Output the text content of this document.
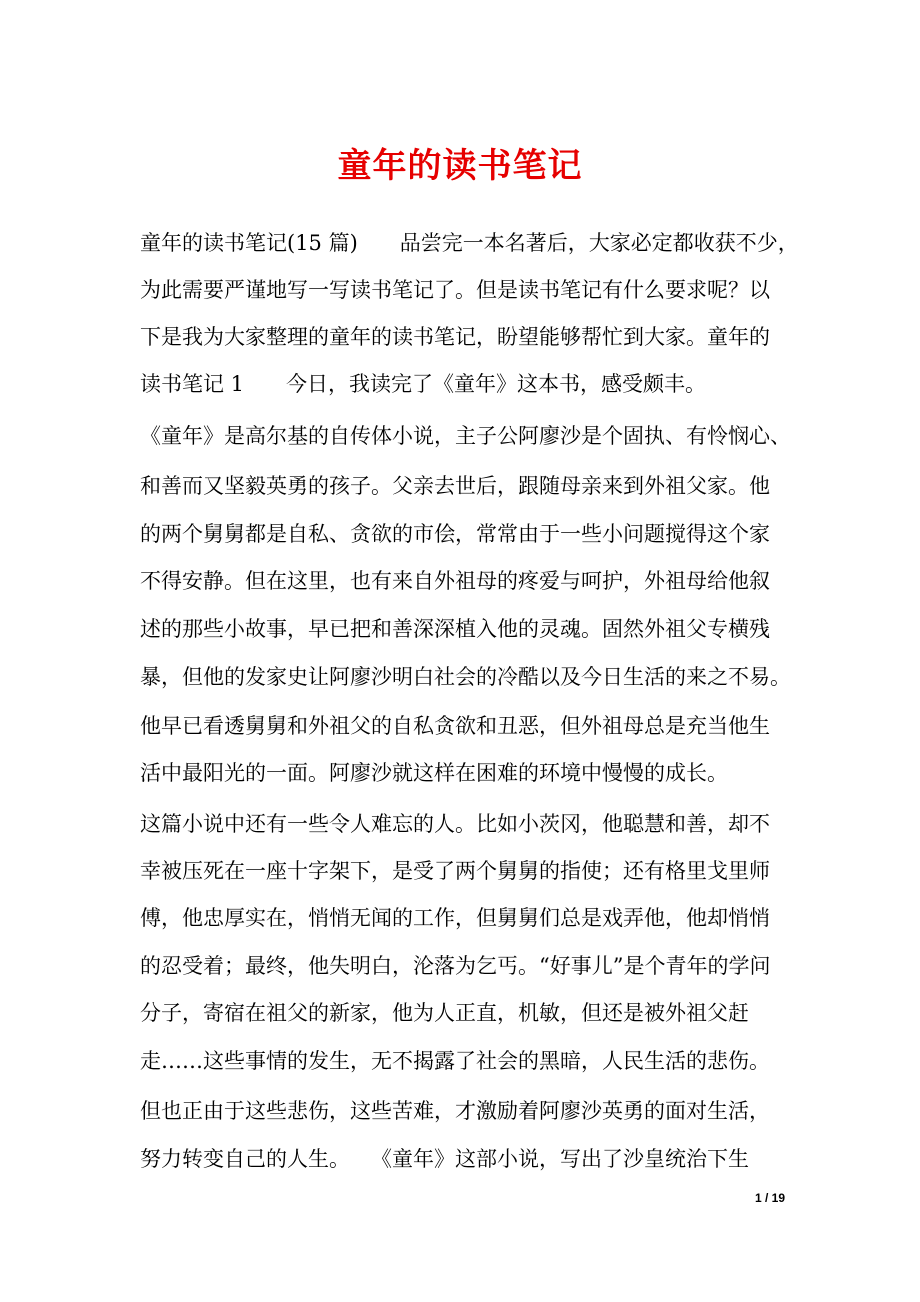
童年的读书笔记
童年的读书笔记(15 篇)　　品尝完一本名著后，大家必定都收获不少，
为此需要严谨地写一写读书笔记了。但是读书笔记有什么要求呢？以
下是我为大家整理的童年的读书笔记，盼望能够帮忙到大家。童年的
读书笔记 1　　今日，我读完了《童年》这本书，感受颇丰。
《童年》是高尔基的自传体小说，主子公阿廖沙是个固执、有怜悯心、
和善而又坚毅英勇的孩子。父亲去世后，跟随母亲来到外祖父家。他
的两个舅舅都是自私、贪欲的市侩，常常由于一些小问题搅得这个家
不得安静。但在这里，也有来自外祖母的疼爱与呵护，外祖母给他叙
述的那些小故事，早已把和善深深植入他的灵魂。固然外祖父专横残
暴，但他的发家史让阿廖沙明白社会的冷酷以及今日生活的来之不易。
他早已看透舅舅和外祖父的自私贪欲和丑恶，但外祖母总是充当他生
活中最阳光的一面。阿廖沙就这样在困难的环境中慢慢的成长。
这篇小说中还有一些令人难忘的人。比如小茨冈，他聪慧和善，却不
幸被压死在一座十字架下，是受了两个舅舅的指使；还有格里戈里师
傅，他忠厚实在，悄悄无闻的工作，但舅舅们总是戏弄他，他却悄悄
的忍受着；最终，他失明白，沦落为乞丐。“好事儿”是个青年的学问
分子，寄宿在祖父的新家，他为人正直，机敏，但还是被外祖父赶
走……这些事情的发生，无不揭露了社会的黑暗，人民生活的悲伤。
但也正由于这些悲伤，这些苦难，才激励着阿廖沙英勇的面对生活，
努力转变自己的人生。　　《童年》这部小说，写出了沙皇统治下生
1 / 19
